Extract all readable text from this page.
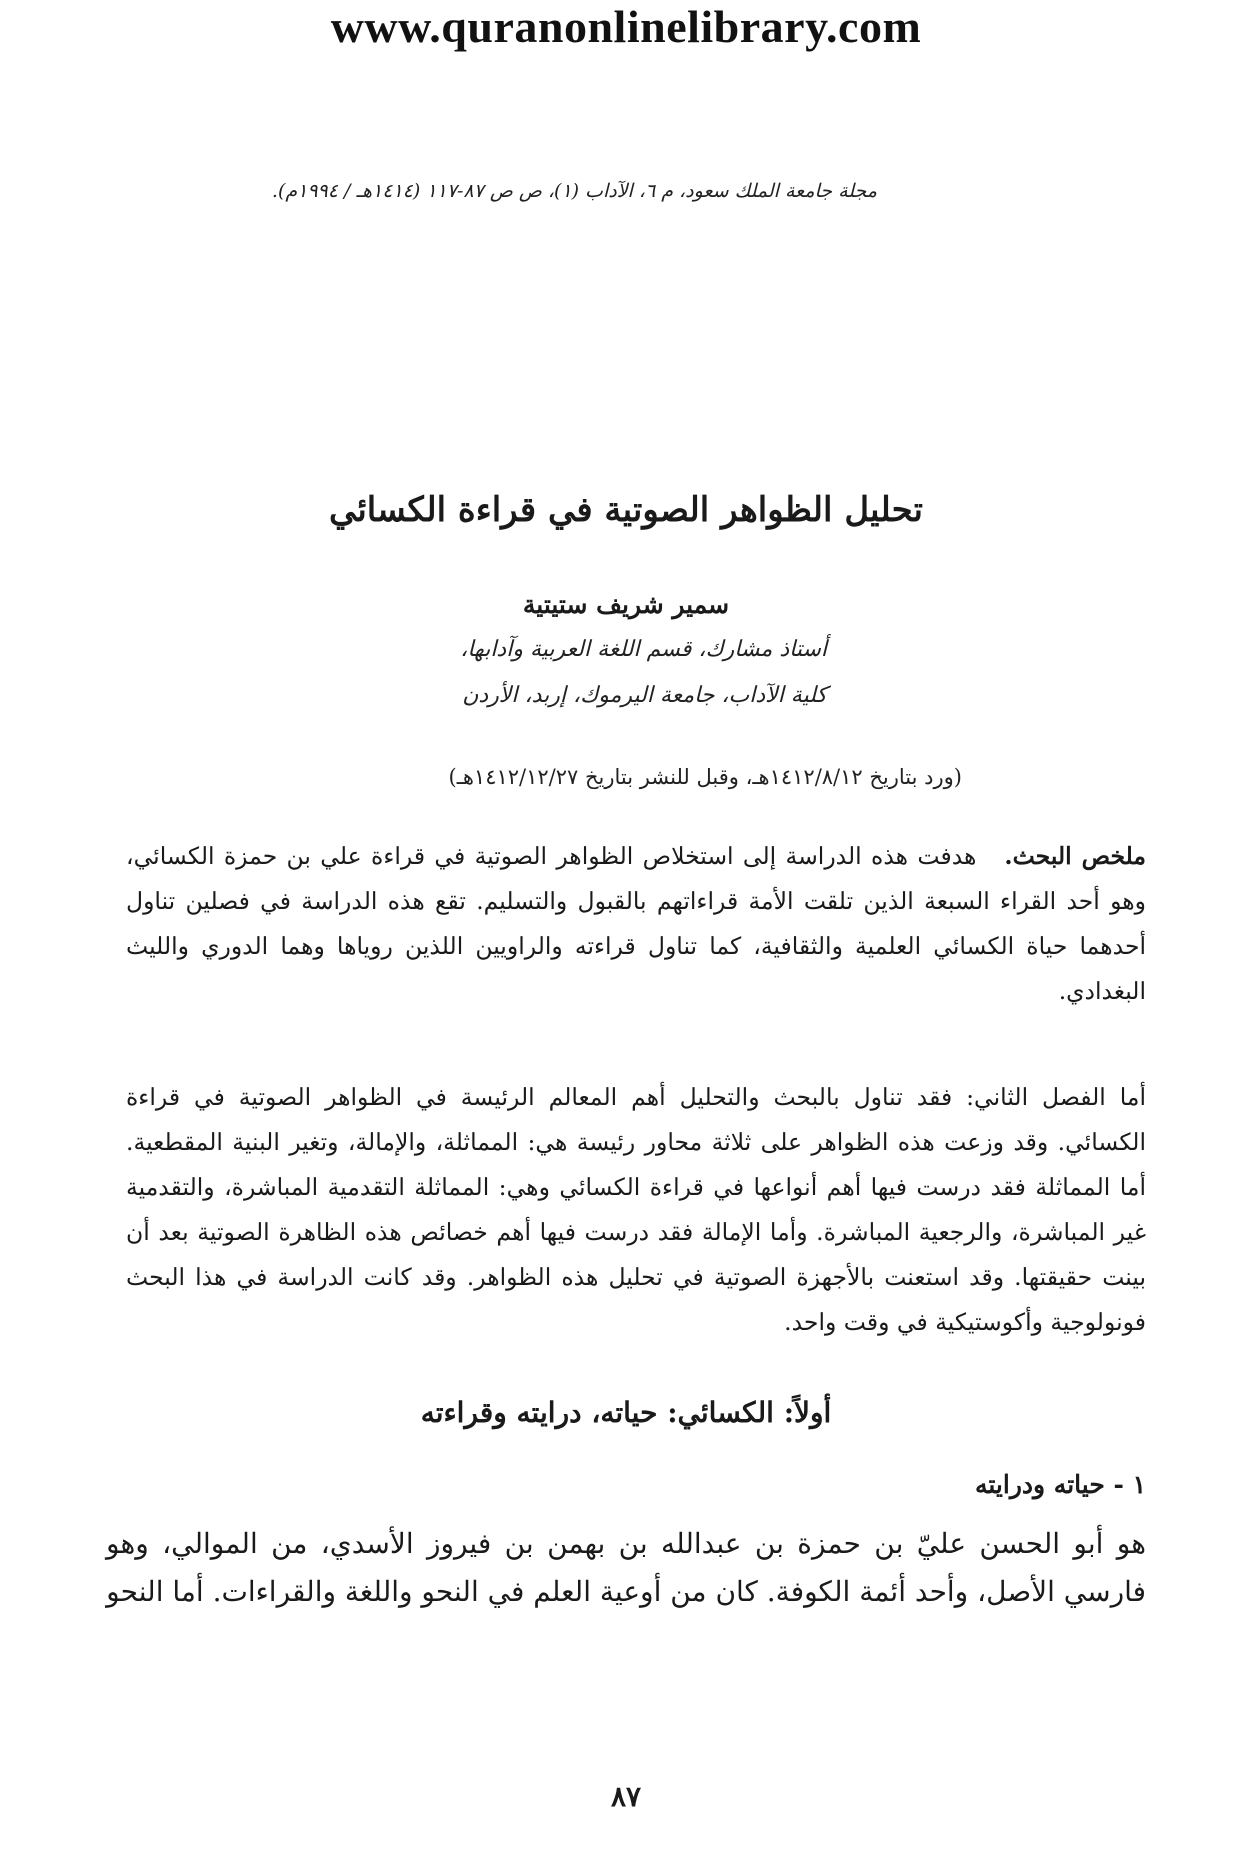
www.quranonlinelibrary.com
مجلة جامعة الملك سعود، م ٦، الآداب (١)، ص ص ٨٧-١١٧ (١٤١٤هـ / ١٩٩٤م).
تحليل الظواهر الصوتية في قراءة الكسائي
سمير شريف ستيتية
أستاذ مشارك، قسم اللغة العربية وآدابها،
كلية الآداب، جامعة اليرموك، إربد، الأردن
(ورد بتاريخ ١٤١٢/٨/١٢هـ، وقبل للنشر بتاريخ ١٤١٢/١٢/٢٧هـ)
ملخص البحث.   هدفت هذه الدراسة إلى استخلاص الظواهر الصوتية في قراءة علي بن حمزة الكسائي، وهو أحد القراء السبعة الذين تلقت الأمة قراءاتهم بالقبول والتسليم. تقع هذه الدراسة في فصلين تناول أحدهما حياة الكسائي العلمية والثقافية، كما تناول قراءته والراويين اللذين روياها وهما الدوري والليث البغدادي.
أما الفصل الثاني: فقد تناول بالبحث والتحليل أهم المعالم الرئيسة في الظواهر الصوتية في قراءة الكسائي. وقد وزعت هذه الظواهر على ثلاثة محاور رئيسة هي: المماثلة، والإمالة، وتغير البنية المقطعية. أما المماثلة فقد درست فيها أهم أنواعها في قراءة الكسائي وهي: المماثلة التقدمية المباشرة، والتقدمية غير المباشرة، والرجعية المباشرة. وأما الإمالة فقد درست فيها أهم خصائص هذه الظاهرة الصوتية بعد أن بينت حقيقتها. وقد استعنت بالأجهزة الصوتية في تحليل هذه الظواهر. وقد كانت الدراسة في هذا البحث فونولوجية وأكوستيكية في وقت واحد.
أولاً: الكسائي: حياته، درايته وقراءته
١ - حياته ودرايته
هو أبو الحسن عليّ بن حمزة بن عبدالله بن بهمن بن فيروز الأسدي، من الموالي، وهو فارسي الأصل، وأحد أئمة الكوفة. كان من أوعية العلم في النحو واللغة والقراءات. أما النحو
٨٧
